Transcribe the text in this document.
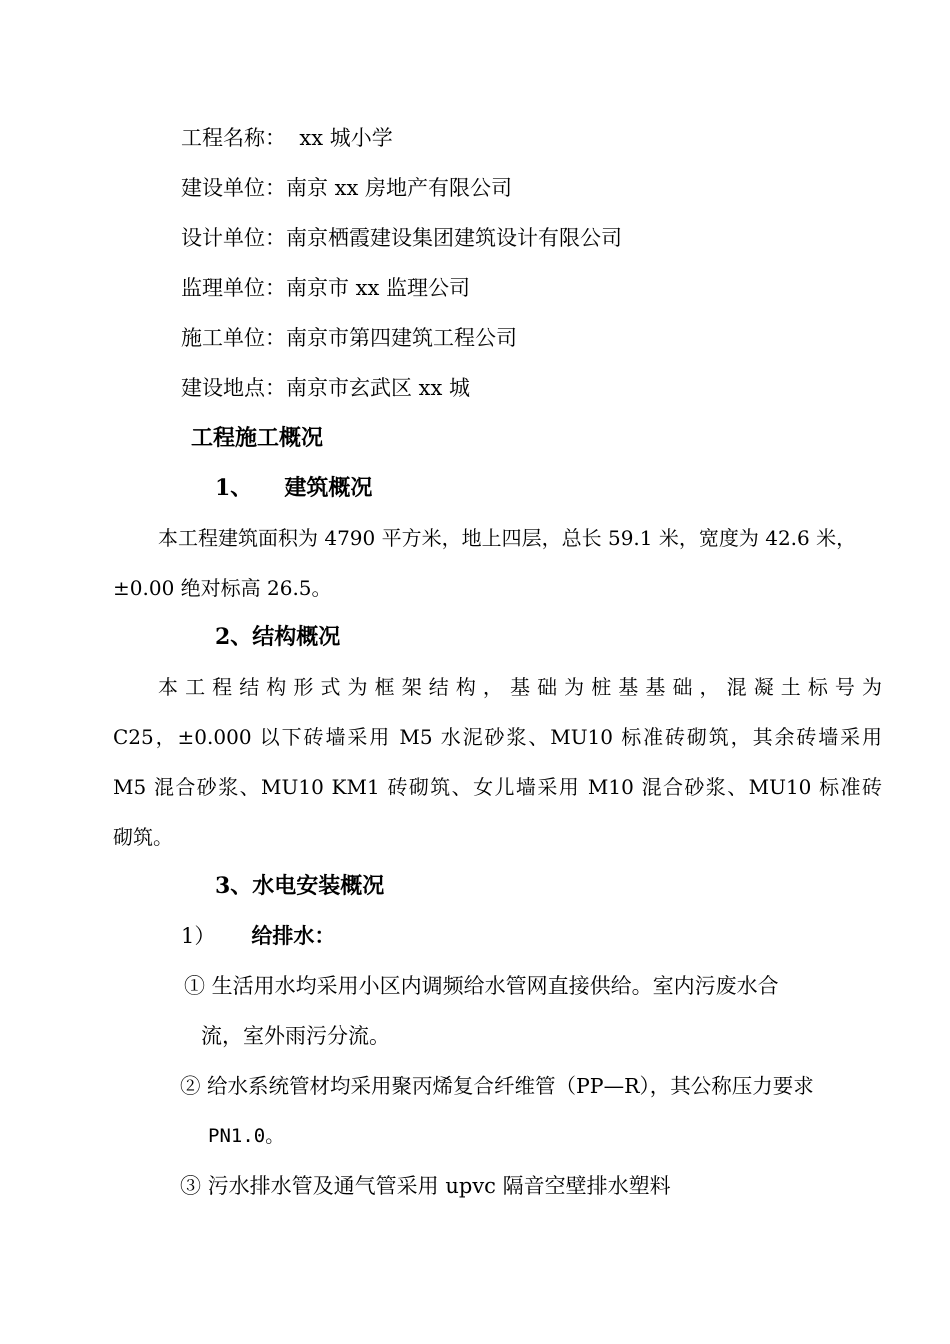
工程名称：  xx 城小学
建设单位：南京 xx 房地产有限公司
设计单位：南京栖霞建设集团建筑设计有限公司
监理单位：南京市 xx 监理公司
施工单位：南京市第四建筑工程公司
建设地点：南京市玄武区 xx 城
工程施工概况
1、 建筑概况
本工程建筑面积为 4790 平方米，地上四层，总长 59.1 米，宽度为 42.6 米，
±0.00 绝对标高 26.5。
2、结构概况
本工程结构形式为框架结构，基础为桩基基础，混凝土标号为
C25，±0.000 以下砖墙采用 M5 水泥砂浆、MU10 标准砖砌筑，其余砖墙采用
M5 混合砂浆、MU10 KM1 砖砌筑、女儿墙采用 M10 混合砂浆、MU10 标准砖
砌筑。
3、水电安装概况
1） 给排水：
① 生活用水均采用小区内调频给水管网直接供给。室内污废水合
流，室外雨污分流。
② 给水系统管材均采用聚丙烯复合纤维管（PP—R），其公称压力要求
PN1.0。
③ 污水排水管及通气管采用 upvc 隔音空壁排水塑料
